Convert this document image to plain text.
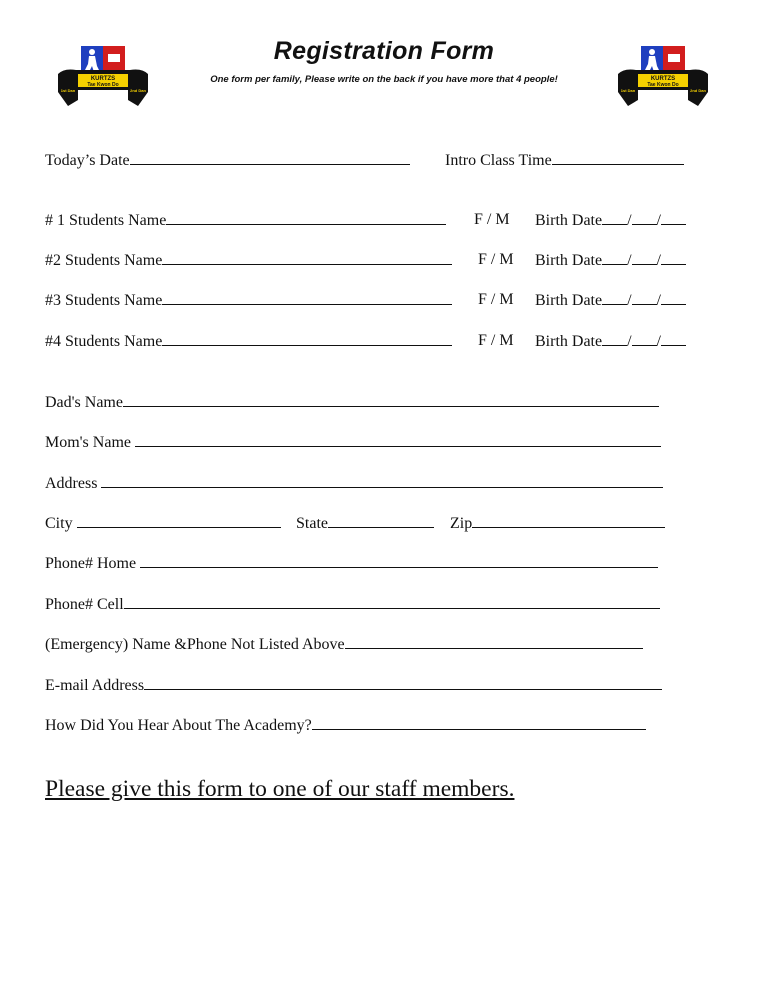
KURTZS
Tae Kwon Do
1st Dan	2nd Dan
KURTZS
Tae Kwon Do
1st Dan	2nd Dan
Registration Form
One form per family, Please write on the back if you have more that 4 people!
Today’s Date	Intro Class Time
# 1 Students Name	F / M Birth Date / /
#2 Students Name	F / M Birth Date / /
#3 Students Name	F / M Birth Date / /
#4 Students Name	F / M Birth Date / /
Dad's Name
Mom's Name
Address
City	State	Zip
Phone# Home
Phone# Cell
(Emergency) Name &Phone Not Listed Above
E-mail Address
How Did You Hear About The Academy?
Please give this form to one of our staff members.
